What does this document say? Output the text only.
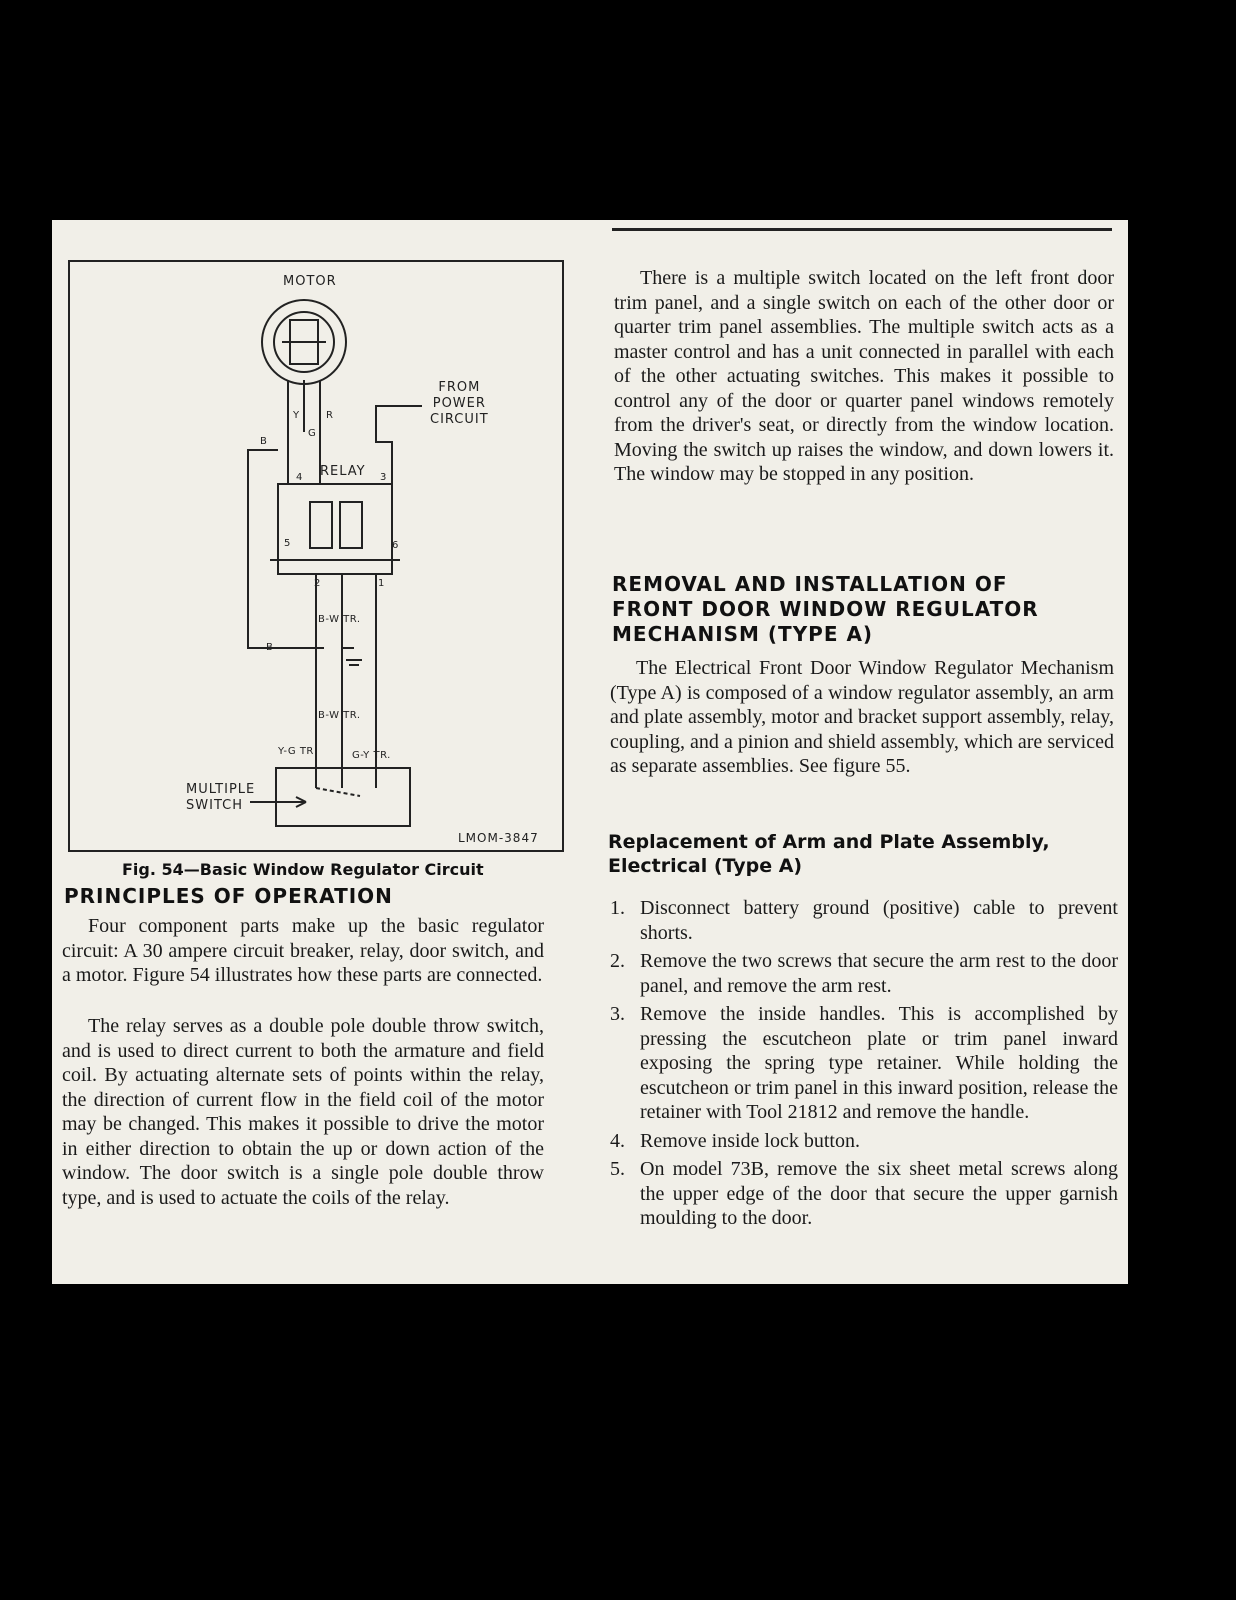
MOTOR
FROM
POWER
CIRCUIT
Y	R
G
B
RELAY
4	3
5	6
2	1
B-W TR.
B
B-W TR.
Y-G TR	G-Y TR.
MULTIPLE
SWITCH
LMOM-3847
Fig. 54—Basic Window Regulator Circuit
PRINCIPLES OF OPERATION

Four component parts make up the basic regulator circuit: A 30 ampere circuit breaker, relay, door switch, and a motor. Figure 54 illustrates how these parts are connected.

The relay serves as a double pole double throw switch, and is used to direct current to both the armature and field coil. By actuating alternate sets of points within the relay, the direction of current flow in the field coil of the motor may be changed. This makes it possible to drive the motor in either direction to obtain the up or down action of the window. The door switch is a single pole double throw type, and is used to actuate the coils of the relay.

There is a multiple switch located on the left front door trim panel, and a single switch on each of the other door or quarter trim panel assemblies. The multiple switch acts as a master control and has a unit connected in parallel with each of the other actuating switches. This makes it possible to control any of the door or quarter panel windows remotely from the driver's seat, or directly from the window location. Moving the switch up raises the window, and down lowers it. The window may be stopped in any position.

REMOVAL AND INSTALLATION OF
FRONT DOOR WINDOW REGULATOR
MECHANISM (TYPE A)

The Electrical Front Door Window Regulator Mechanism (Type A) is composed of a window regulator assembly, an arm and plate assembly, motor and bracket support assembly, relay, coupling, and a pinion and shield assembly, which are serviced as separate assemblies. See figure 55.

Replacement of Arm and Plate Assembly,
Electrical (Type A)
1. Disconnect battery ground (positive) cable to prevent shorts.
2. Remove the two screws that secure the arm rest to the door panel, and remove the arm rest.
3. Remove the inside handles. This is accomplished by pressing the escutcheon plate or trim panel inward exposing the spring type retainer. While holding the escutcheon or trim panel in this inward position, release the retainer with Tool 21812 and remove the handle.
4. Remove inside lock button.
5. On model 73B, remove the six sheet metal screws along the upper edge of the door that secure the upper garnish moulding to the door.
